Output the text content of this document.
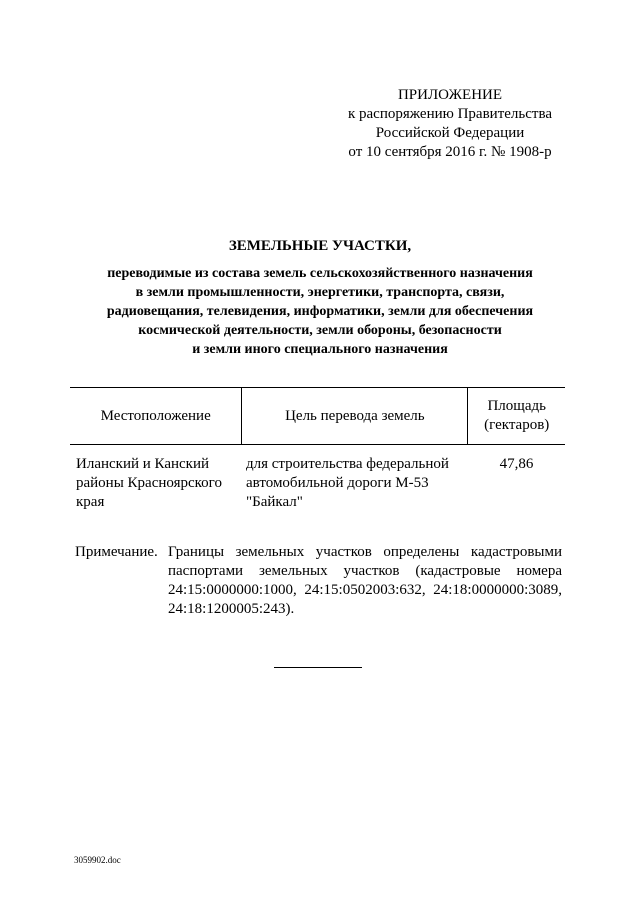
ПРИЛОЖЕНИЕ
к распоряжению Правительства
Российской Федерации
от 10 сентября 2016 г. № 1908-р
ЗЕМЕЛЬНЫЕ УЧАСТКИ,
переводимые из состава земель сельскохозяйственного назначения
в земли промышленности, энергетики, транспорта, связи,
радиовещания, телевидения, информатики, земли для обеспечения
космической деятельности, земли обороны, безопасности
и земли иного специального назначения
Местоположение	Цель перевода земель
Площадь (гектаров)
Иланский и Канский районы Красноярского края
для строительства федеральной автомобильной дороги М-53 "Байкал"
47,86
Примечание. Границы земельных участков определены кадастровыми паспортами земельных участков (кадастровые номера 24:15:0000000:1000, 24:15:0502003:632, 24:18:0000000:3089, 24:18:1200005:243).
3059902.doc
